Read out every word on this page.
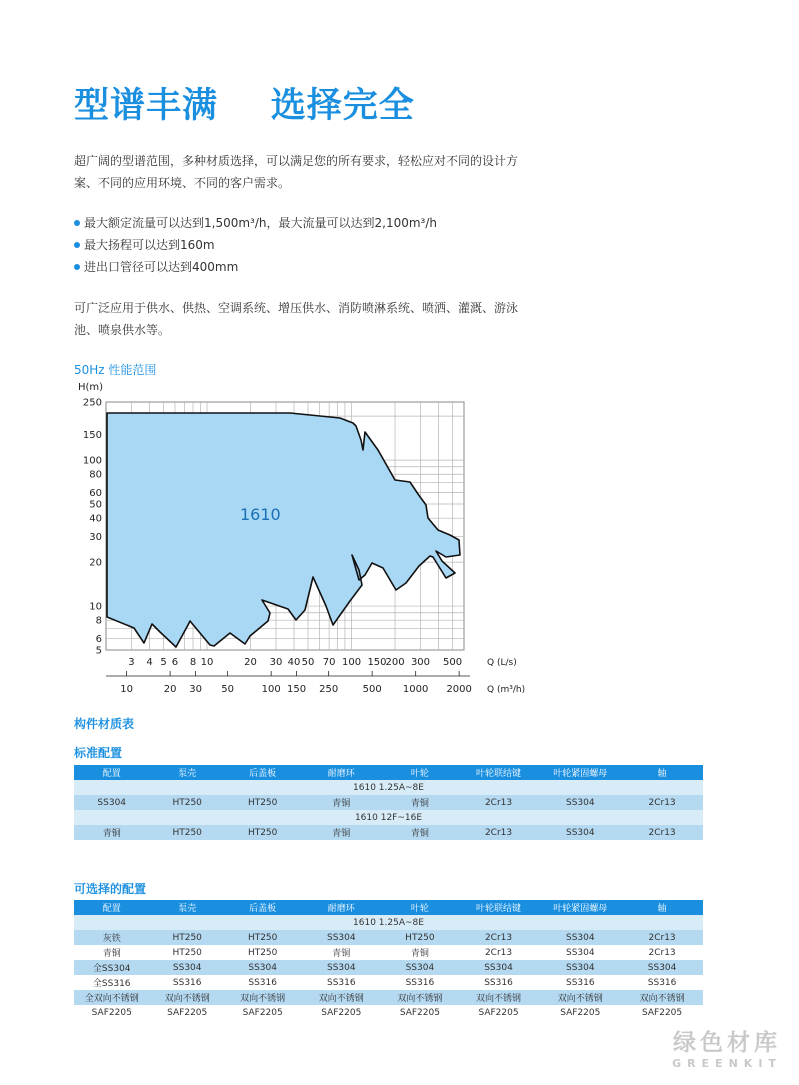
型谱丰满    选择完全
超广阔的型谱范围，多种材质选择，可以满足您的所有要求，轻松应对不同的设计方案、不同的应用环境、不同的客户需求。
最大额定流量可以达到1,500m³/h，最大流量可以达到2,100m³/h
最大扬程可以达到160m
进出口管径可以达到400mm
可广泛应用于供水、供热、空调系统、增压供水、消防喷淋系统、喷洒、灌溉、游泳池、喷泉供水等。
50Hz 性能范围
1610
250
150
100
80
60
50
40
30
20
10
8
6
5
3 4 5 6 8 10	20 30 40 50 70 100 150
200 300 500
10	20 30 50	100 150 250 500 1000 2000
H(m)
Q (L/s)
Q (m³/h)
构件材质表
标准配置
配置	泵壳	后盖板	耐磨环	叶轮	叶轮联结键	叶轮紧固螺母	轴
1610 1.25A~8E							
SS304	HT250	HT250	青铜	青铜	2Cr13	SS304	2Cr13
1610 12F~16E							
青铜	HT250	HT250	青铜	青铜	2Cr13	SS304	2Cr13
可选择的配置
配置	泵壳	后盖板	耐磨环	叶轮	叶轮联结键	叶轮紧固螺母	轴
1610 1.25A~8E							
灰铁	HT250	HT250	SS304	HT250	2Cr13	SS304	2Cr13
青铜	HT250	HT250	青铜	青铜	2Cr13	SS304	2Cr13
全SS304	SS304	SS304	SS304	SS304	SS304	SS304	SS304
全SS316	SS316	SS316	SS316	SS316	SS316	SS316	SS316
全双向不锈钢	双向不锈钢	双向不锈钢	双向不锈钢	双向不锈钢	双向不锈钢	双向不锈钢	双向不锈钢
SAF2205	SAF2205	SAF2205	SAF2205	SAF2205	SAF2205	SAF2205	SAF2205
绿色材库
GREENKIT
